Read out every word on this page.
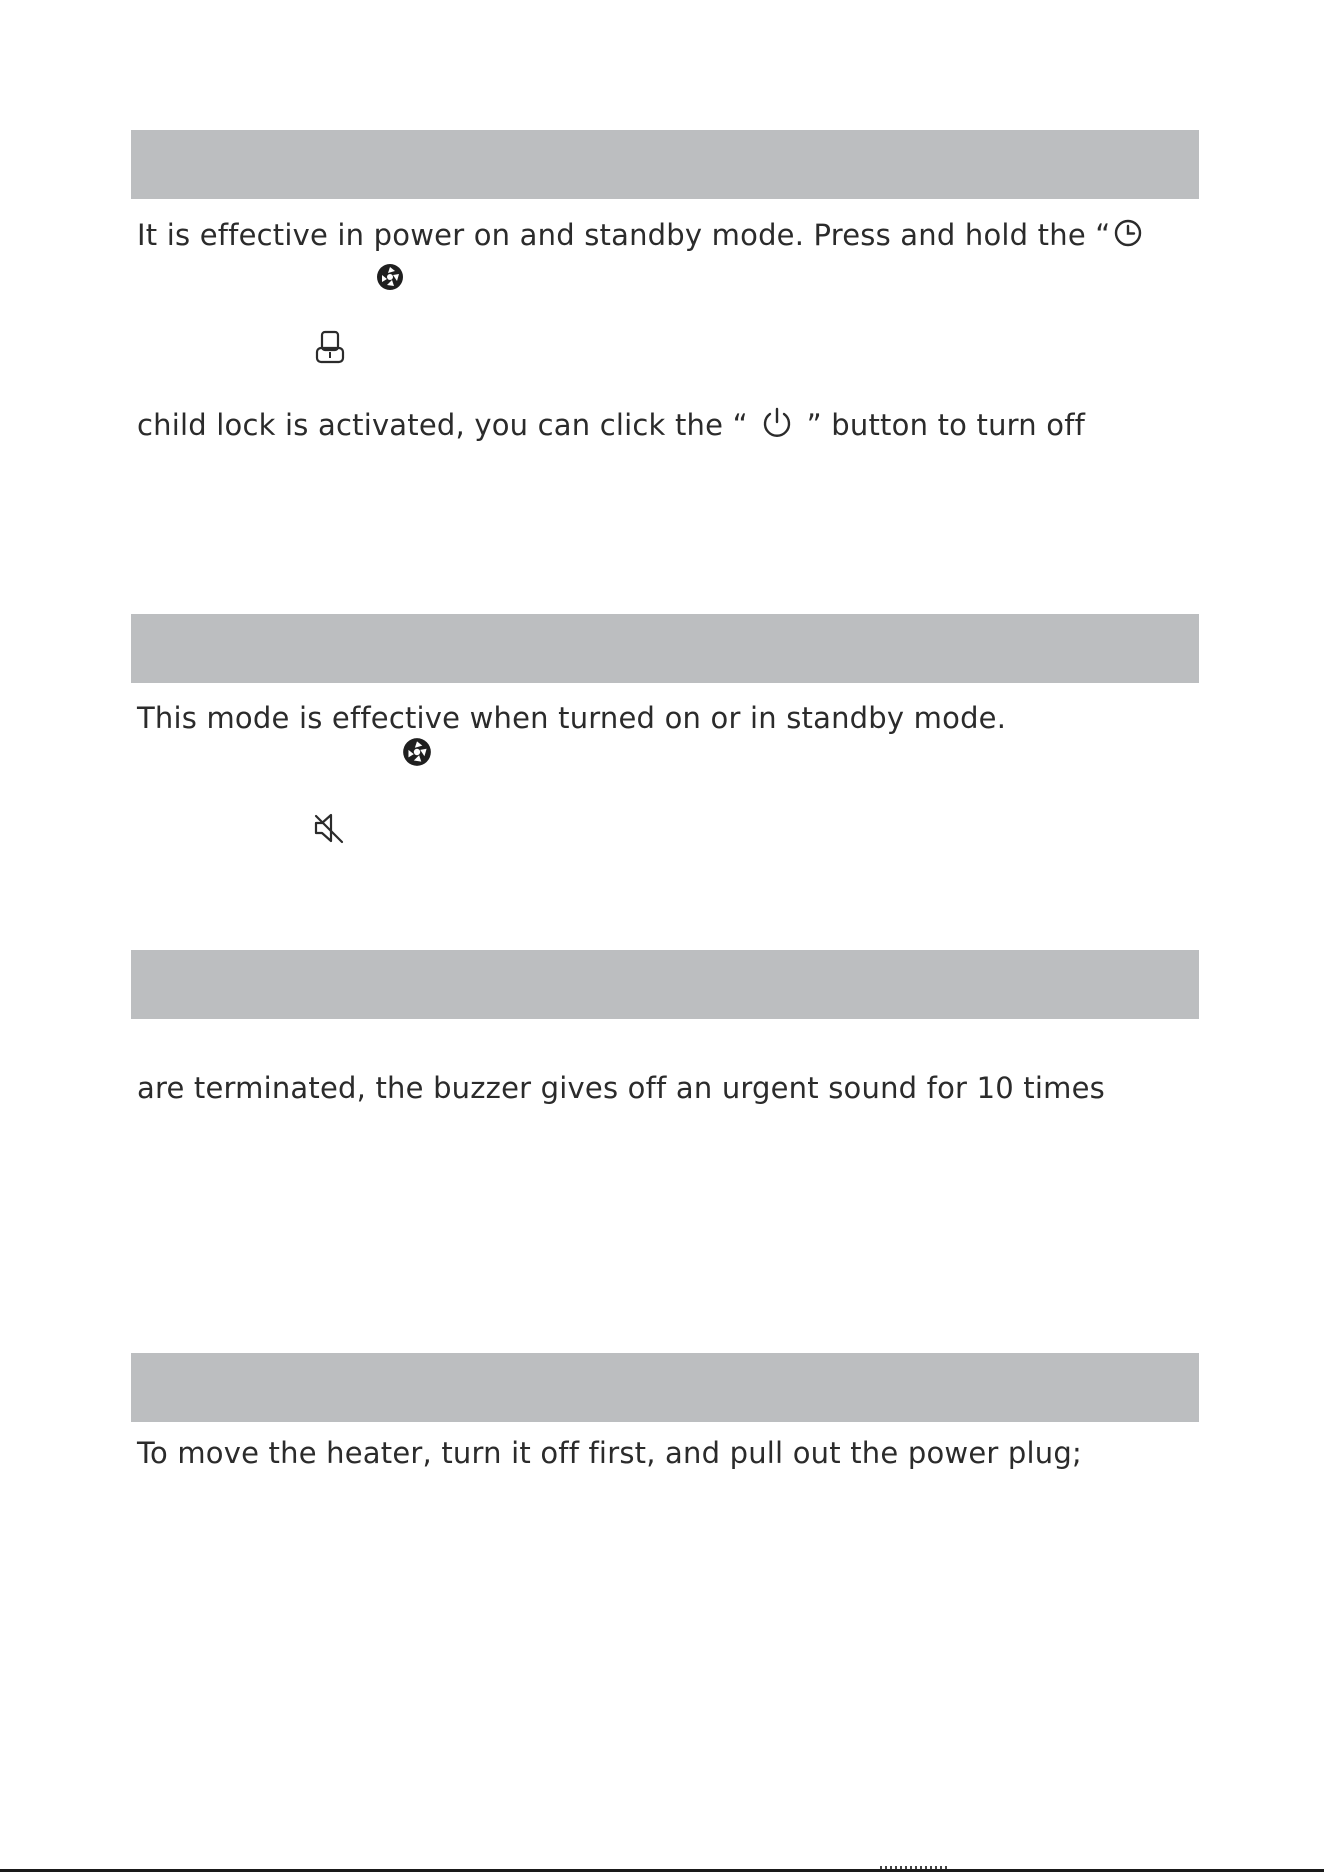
It is effective in power on and standby mode. Press and hold the “
child lock is activated, you can click the “ ” button to turn off
This mode is effective when turned on or in standby mode.
are terminated, the buzzer gives off an urgent sound for 10 times
To move the heater, turn it off first, and pull out the power plug;
